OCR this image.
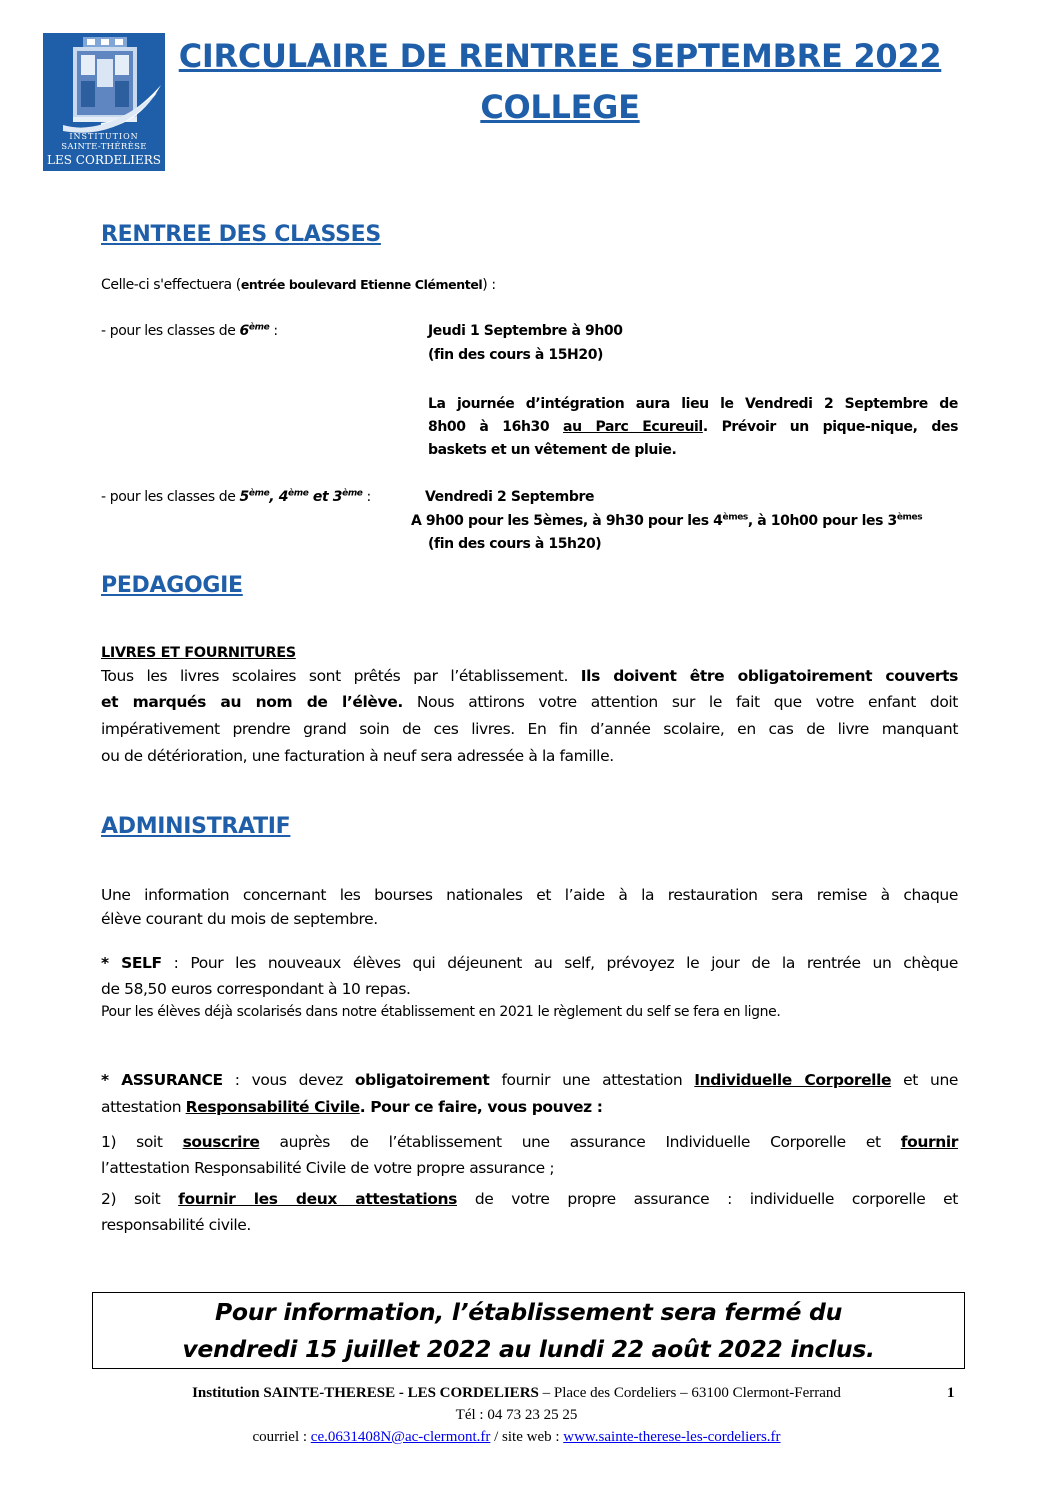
INSTITUTION
SAINTE-THÉRÈSE
LES CORDELIERS
CIRCULAIRE DE RENTREE SEPTEMBRE 2022
COLLEGE
RENTREE DES CLASSES
Celle-ci s'effectuera (entrée boulevard Etienne Clémentel) :
- pour les classes de 6ème :	Jeudi 1 Septembre à 9h00
(fin des cours à 15H20)
La journée d’intégration aura lieu le Vendredi 2 Septembre de
8h00 à 16h30 au Parc Ecureuil. Prévoir un pique-nique, des
baskets et un vêtement de pluie.
- pour les classes de 5ème, 4ème et 3ème :	Vendredi 2 Septembre
A 9h00 pour les 5èmes, à 9h30 pour les 4èmes, à 10h00 pour les 3èmes
(fin des cours à 15h20)
PEDAGOGIE
LIVRES ET FOURNITURES
Tous les livres scolaires sont prêtés par l’établissement. Ils doivent être obligatoirement couverts
et marqués au nom de l’élève. Nous attirons votre attention sur le fait que votre enfant doit
impérativement prendre grand soin de ces livres. En fin d’année scolaire, en cas de livre manquant
ou de détérioration, une facturation à neuf sera adressée à la famille.
ADMINISTRATIF
Une information concernant les bourses nationales et l’aide à la restauration sera remise à chaque
élève courant du mois de septembre.
* SELF : Pour les nouveaux élèves qui déjeunent au self, prévoyez le jour de la rentrée un chèque
de 58,50 euros correspondant à 10 repas.
Pour les élèves déjà scolarisés dans notre établissement en 2021 le règlement du self se fera en ligne.
* ASSURANCE : vous devez obligatoirement fournir une attestation Individuelle Corporelle et une
attestation Responsabilité Civile. Pour ce faire, vous pouvez :
1) soit souscrire auprès de l’établissement une assurance Individuelle Corporelle et fournir
l’attestation Responsabilité Civile de votre propre assurance ;
2) soit fournir les deux attestations de votre propre assurance : individuelle corporelle et
responsabilité civile.
Pour information, l’établissement sera fermé du
vendredi 15 juillet 2022 au lundi 22 août 2022 inclus.
Institution SAINTE-THERESE - LES CORDELIERS – Place des Cordeliers – 63100 Clermont-Ferrand	1
Tél : 04 73 23 25 25
courriel : ce.0631408N@ac-clermont.fr / site web : www.sainte-therese-les-cordeliers.fr
